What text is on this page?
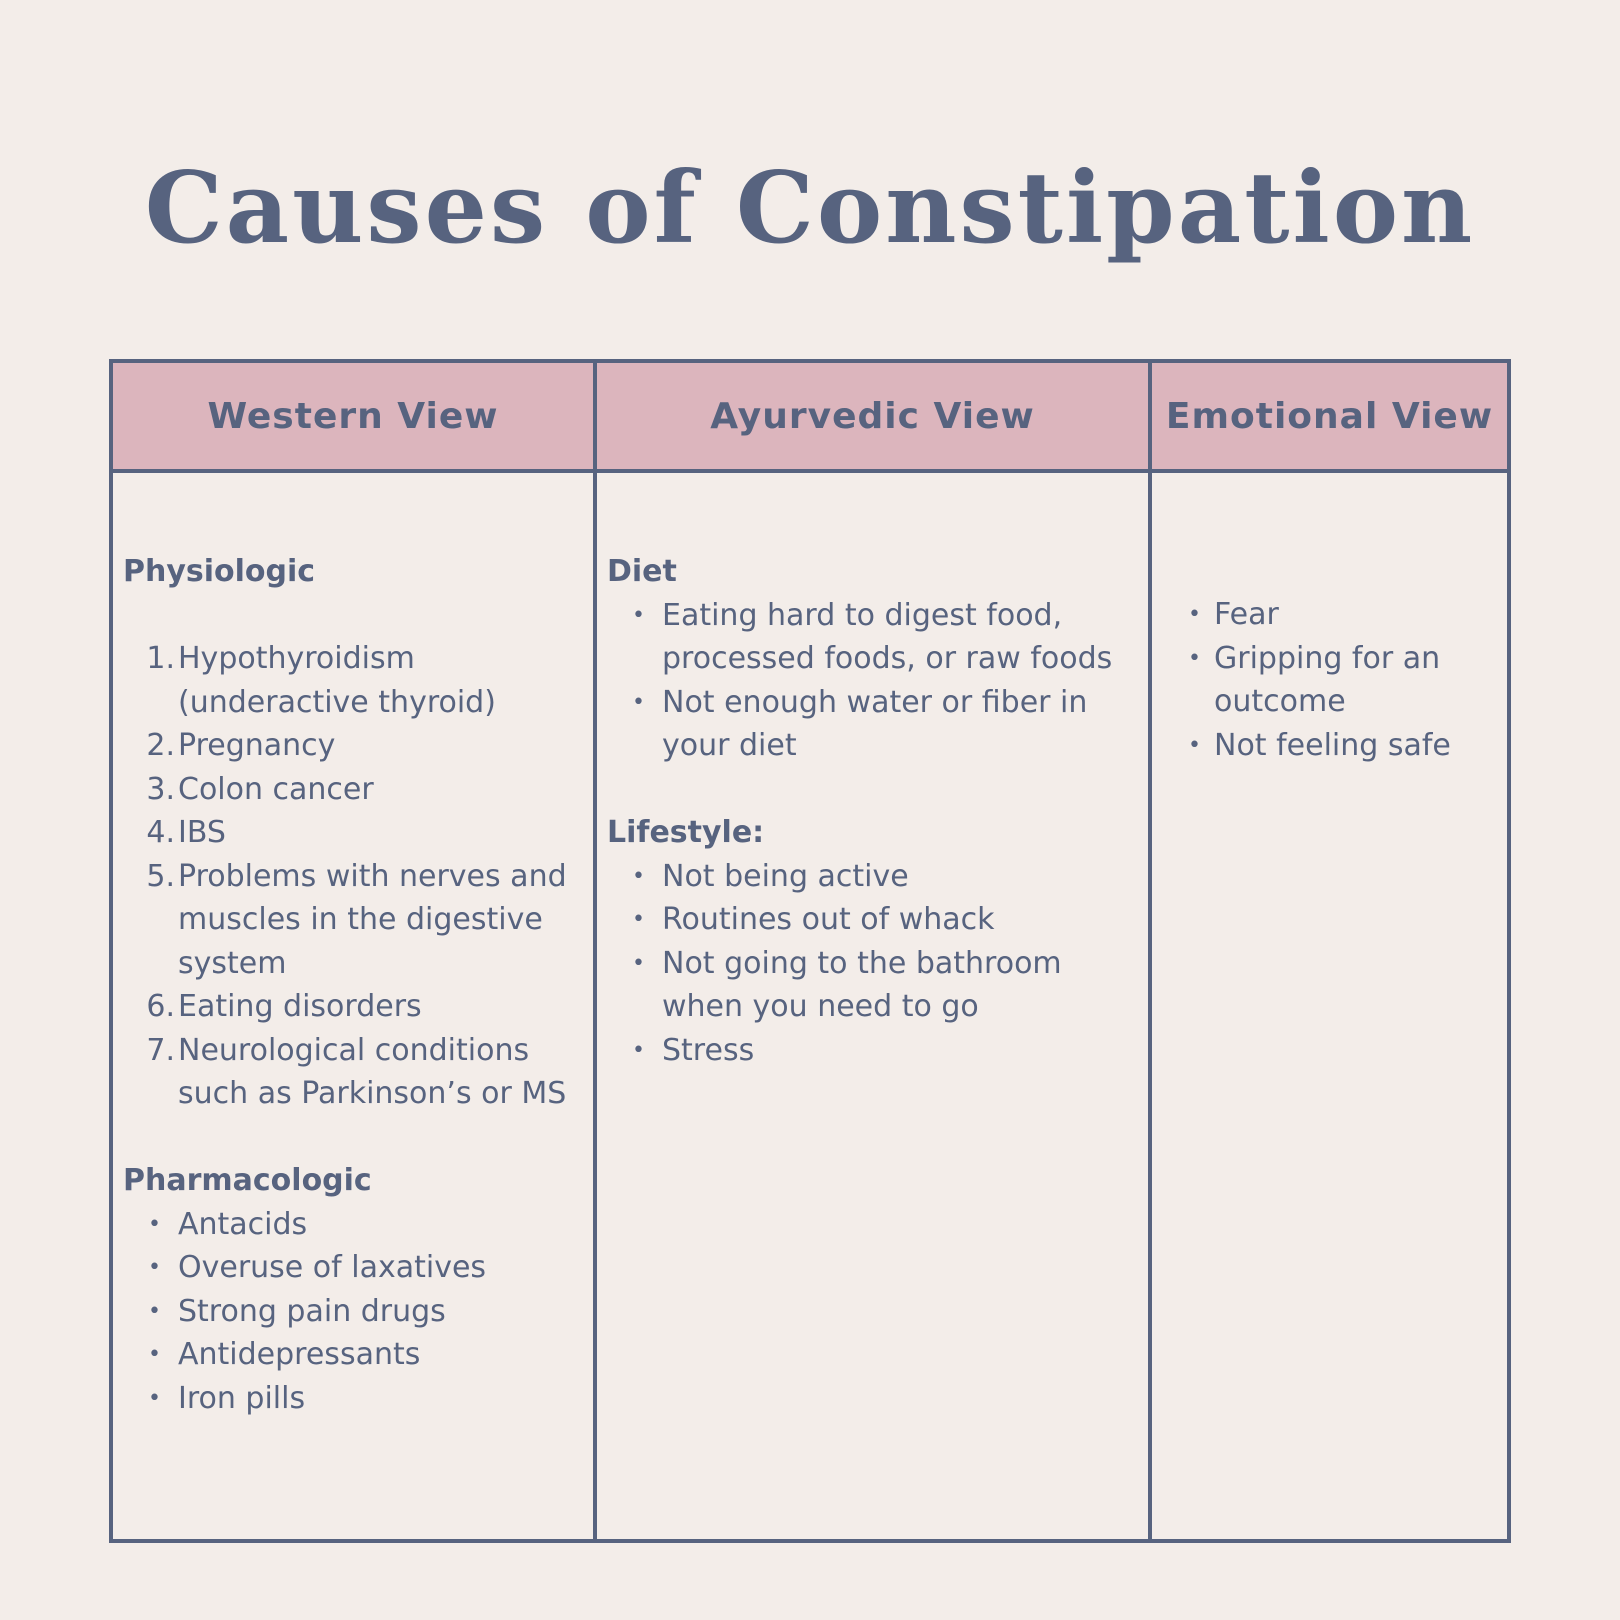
Causes of Constipation
Western View	Ayurvedic View	Emotional View

Physiologic

1. Hypothyroidism (underactive thyroid)
2. Pregnancy
3. Colon cancer
4. IBS
5. Problems with nerves and muscles in the digestive system
6. Eating disorders
7. Neurological conditions such as Parkinson’s or MS

Pharmacologic

• Antacids
• Overuse of laxatives
• Strong pain drugs
• Antidepressants
• Iron pills

Diet

• Eating hard to digest food, processed foods, or raw foods
• Not enough water or fiber in your diet

Lifestyle:

• Not being active
• Routines out of whack
• Not going to the bathroom when you need to go
• Stress
• Fear
• Gripping for an outcome
• Not feeling safe
